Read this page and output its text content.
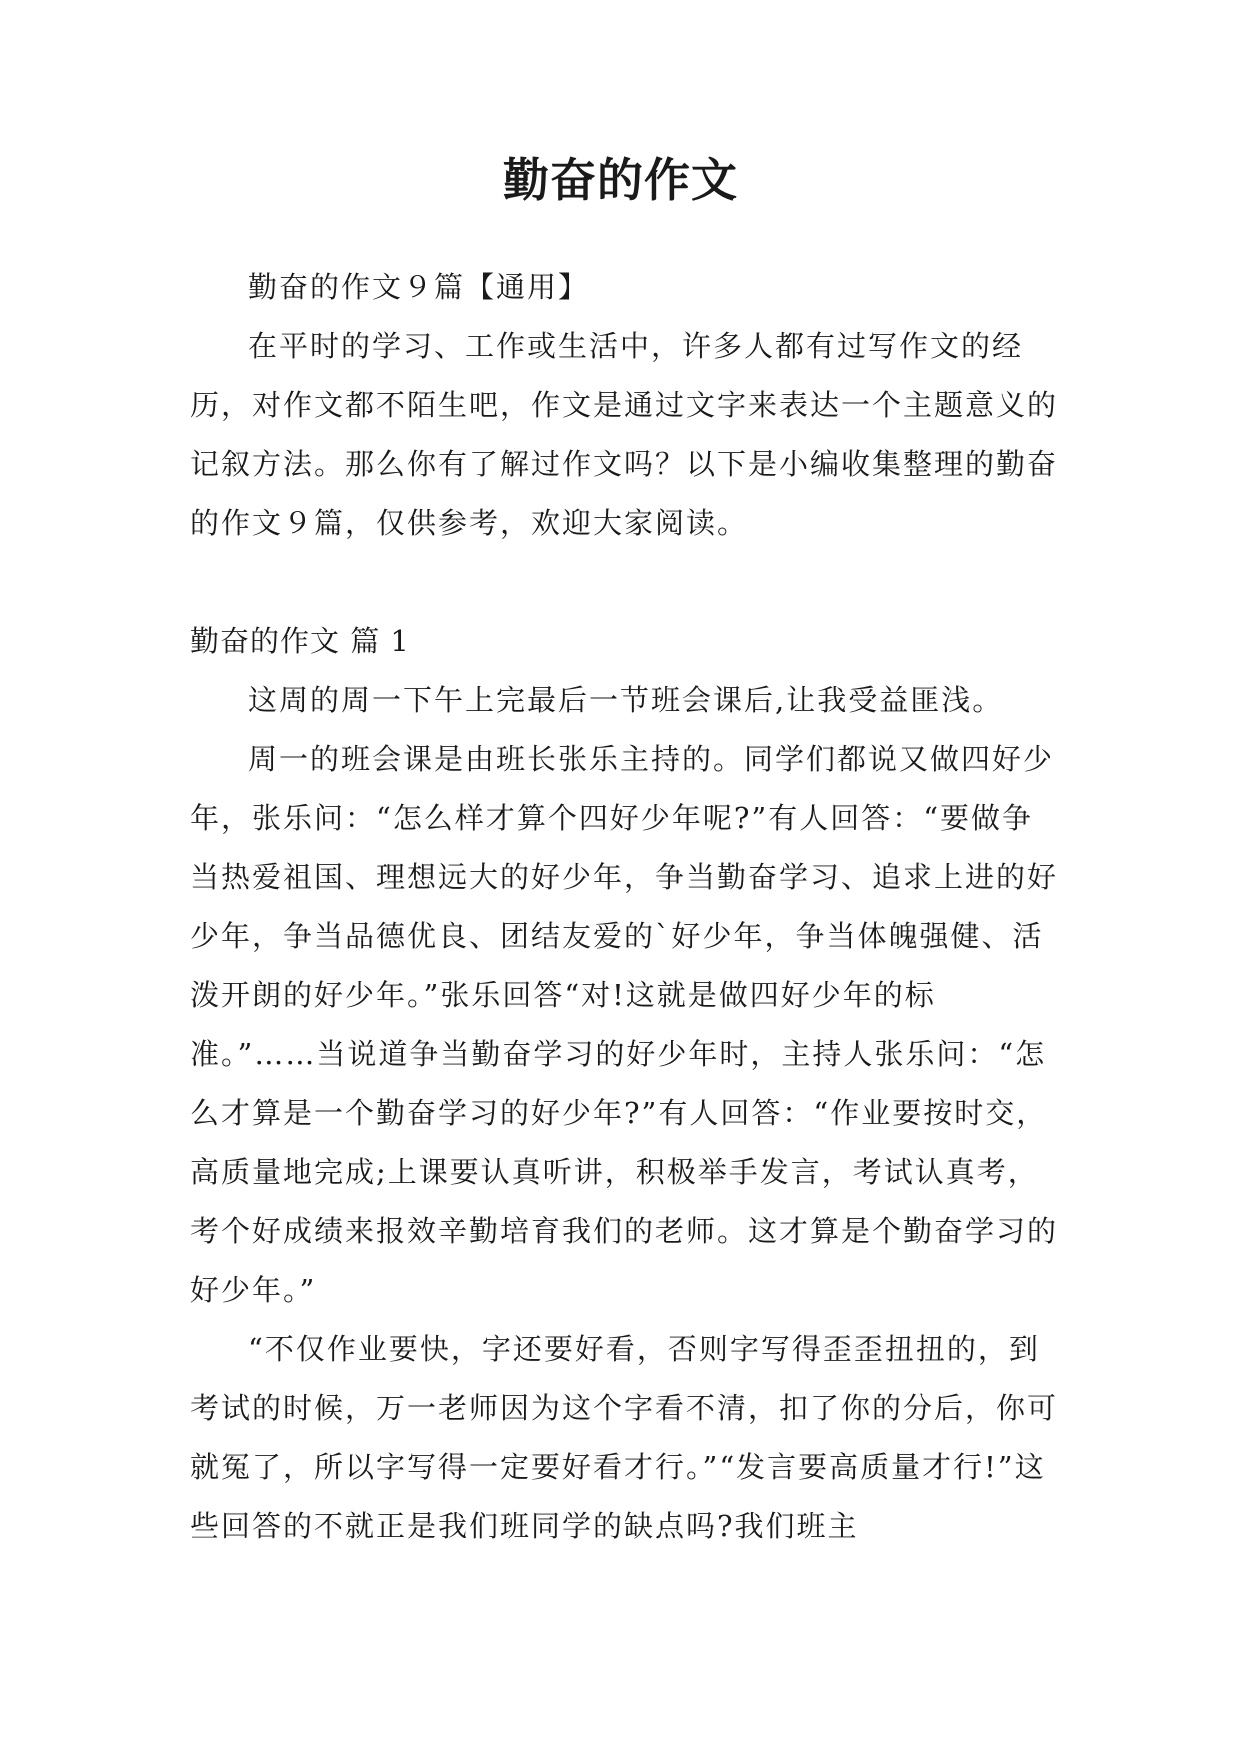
勤奋的作文

勤奋的作文９篇【通用】

在平时的学习、工作或生活中，许多人都有过写作文的经历，对作文都不陌生吧，作文是通过文字来表达一个主题意义的记叙方法。那么你有了解过作文吗？以下是小编收集整理的勤奋的作文９篇，仅供参考，欢迎大家阅读。

勤奋的作文 篇 1

这周的周一下午上完最后一节班会课后,让我受益匪浅。

周一的班会课是由班长张乐主持的。同学们都说又做四好少年，张乐问：“怎么样才算个四好少年呢?”有人回答：“要做争当热爱祖国、理想远大的好少年，争当勤奋学习、追求上进的好少年，争当品德优良、团结友爱的`好少年，争当体魄强健、活泼开朗的好少年。”张乐回答“对!这就是做四好少年的标准。”……当说道争当勤奋学习的好少年时，主持人张乐问：“怎么才算是一个勤奋学习的好少年?”有人回答：“作业要按时交，高质量地完成;上课要认真听讲，积极举手发言，考试认真考，考个好成绩来报效辛勤培育我们的老师。这才算是个勤奋学习的好少年。”

“不仅作业要快，字还要好看，否则字写得歪歪扭扭的，到考试的时候，万一老师因为这个字看不清，扣了你的分后，你可就冤了，所以字写得一定要好看才行。”“发言要高质量才行!”这些回答的不就正是我们班同学的缺点吗?我们班主
